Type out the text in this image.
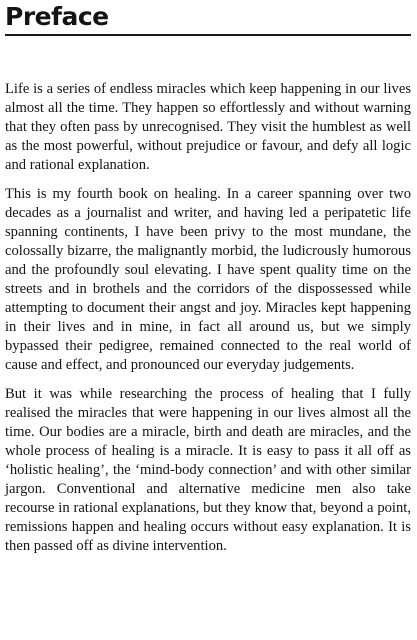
Preface

Life is a series of endless miracles which keep happening in our lives almost all the time. They happen so effortlessly and without warning that they often pass by unrecognised. They visit the humblest as well as the most powerful, without prejudice or favour, and defy all logic and rational explanation.

This is my fourth book on healing. In a career spanning over two decades as a journalist and writer, and having led a peripatetic life spanning continents, I have been privy to the most mundane, the colossally bizarre, the malignantly morbid, the ludicrously humorous and the profoundly soul elevating. I have spent quality time on the streets and in brothels and the corridors of the dispossessed while attempting to document their angst and joy. Miracles kept happening in their lives and in mine, in fact all around us, but we simply bypassed their pedigree, remained connected to the real world of cause and effect, and pronounced our everyday judgements.

But it was while researching the process of healing that I fully realised the miracles that were happening in our lives almost all the time. Our bodies are a miracle, birth and death are miracles, and the whole process of healing is a miracle. It is easy to pass it all off as ‘holistic healing’, the ‘mind-body connection’ and with other similar jargon. Conventional and alternative medicine men also take recourse in rational explanations, but they know that, beyond a point, remissions happen and healing occurs without easy explanation. It is then passed off as divine intervention.
